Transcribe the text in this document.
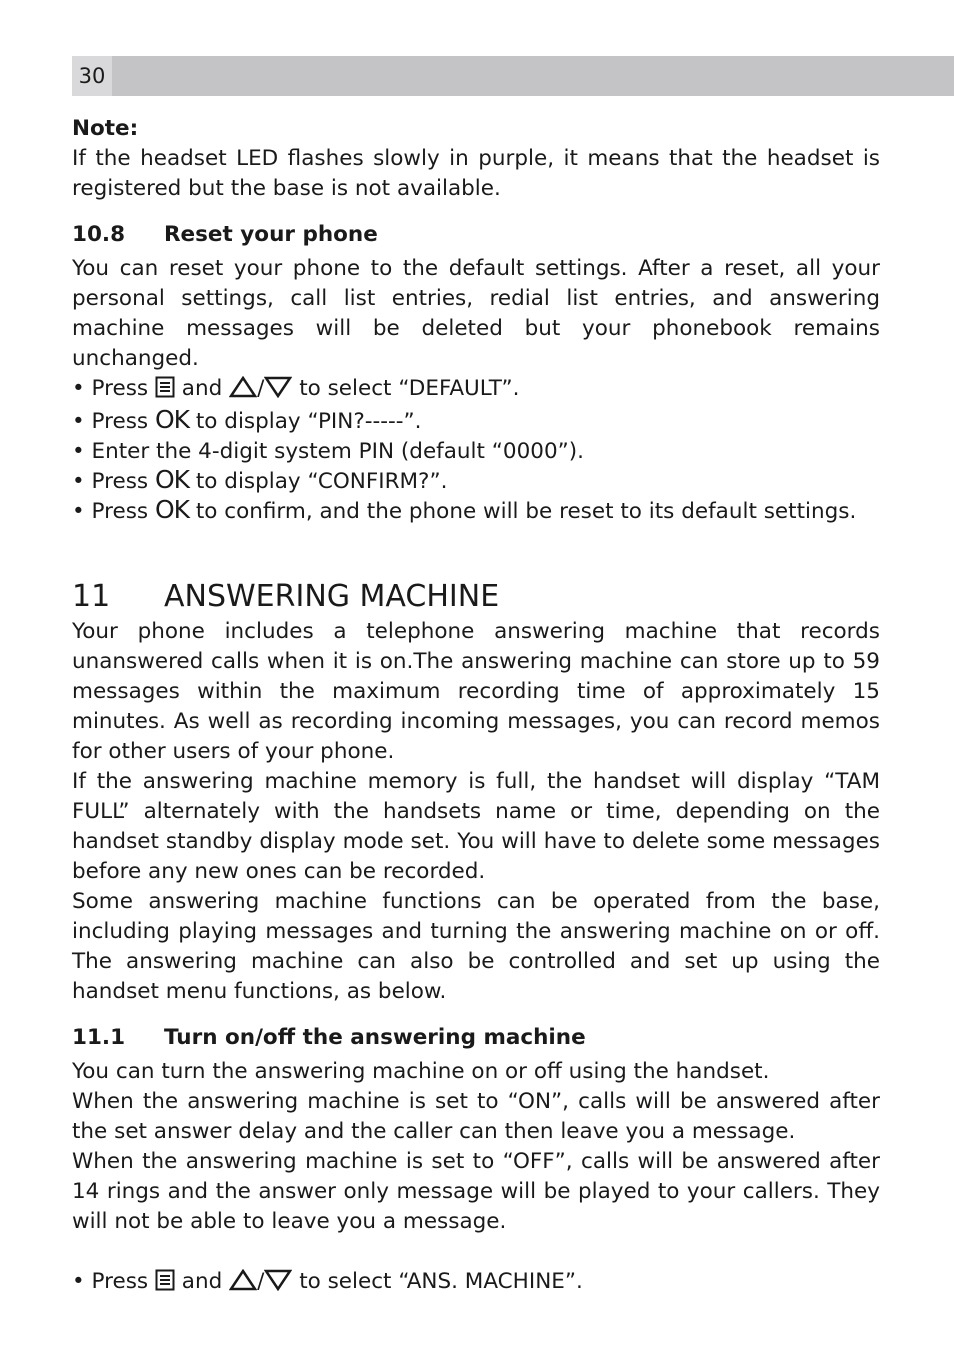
30

Note:

If the headset LED flashes slowly in purple, it means that the headset is registered but the base is not available.

10.8	Reset your phone

You can reset your phone to the default settings. After a reset, all your personal settings, call list entries, redial list entries, and answering machine messages will be deleted but your phonebook remains unchanged.

• Press and / to select “DEFAULT”.

• Press OK to display “PIN?-----”.

• Enter the 4-digit system PIN (default “0000”).

• Press OK to display “CONFIRM?”.

• Press OK to confirm, and the phone will be reset to its default settings.

11	ANSWERING MACHINE

Your phone includes a telephone answering machine that records unanswered calls when it is on.The answering machine can store up to 59 messages within the maximum recording time of approximately 15 minutes. As well as recording incoming messages, you can record memos for other users of your phone.

If the answering machine memory is full, the handset will display “TAM FULL” alternately with the handsets name or time, depending on the handset standby display mode set. You will have to delete some messages before any new ones can be recorded.

Some answering machine functions can be operated from the base, including playing messages and turning the answering machine on or off. The answering machine can also be controlled and set up using the handset menu functions, as below.

11.1	Turn on/off the answering machine

You can turn the answering machine on or off using the handset.

When the answering machine is set to “ON”, calls will be answered after the set answer delay and the caller can then leave you a message.

When the answering machine is set to “OFF”, calls will be answered after 14 rings and the answer only message will be played to your callers. They will not be able to leave you a message.

• Press and / to select “ANS. MACHINE”.
